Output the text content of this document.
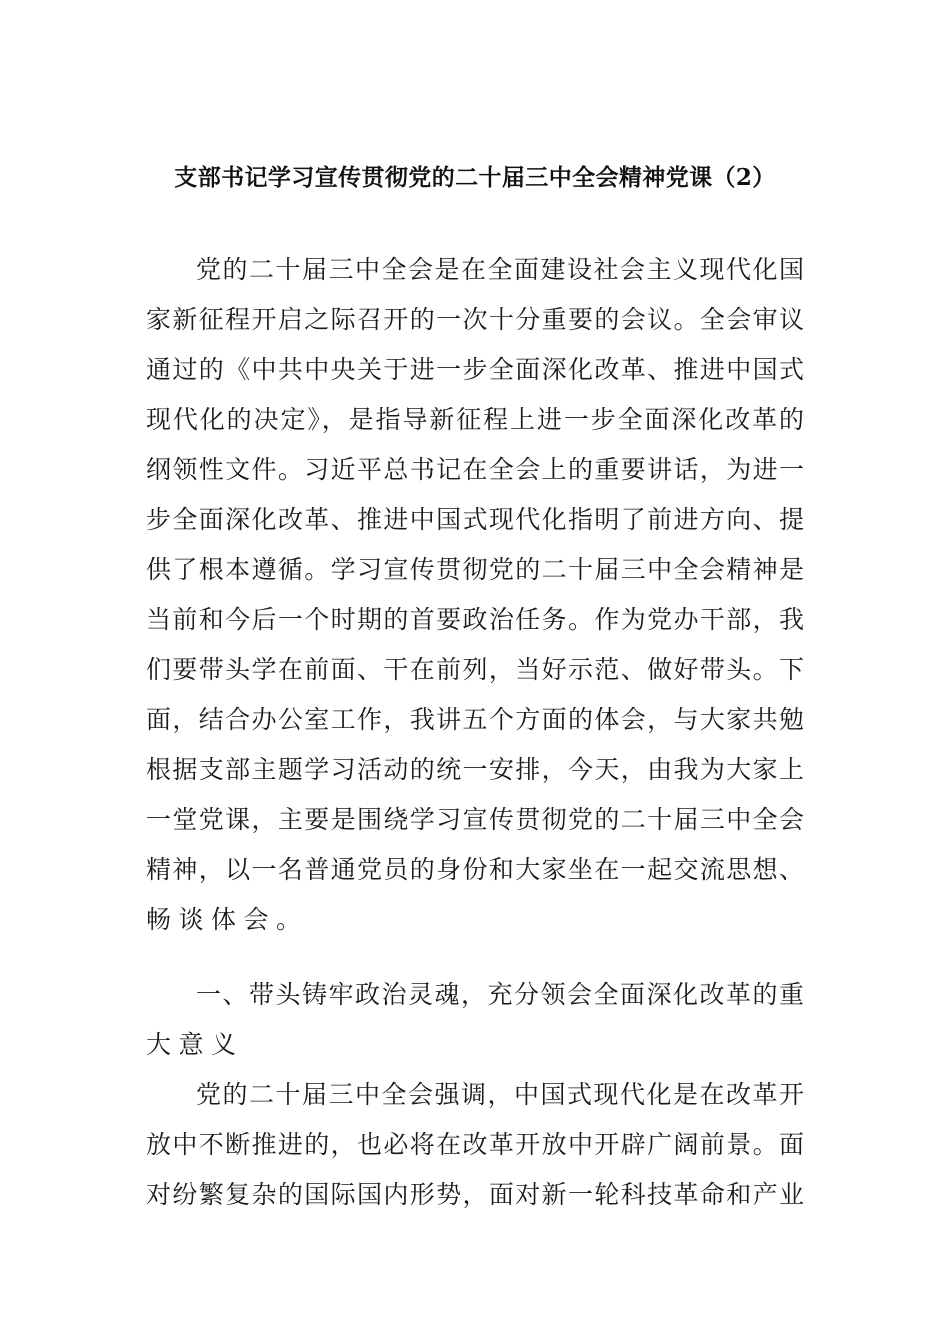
支部书记学习宣传贯彻党的二十届三中全会精神党课（2）
党的二十届三中全会是在全面建设社会主义现代化国
家新征程开启之际召开的一次十分重要的会议。全会审议
通过的《中共中央关于进一步全面深化改革、推进中国式
现代化的决定》，是指导新征程上进一步全面深化改革的
纲领性文件。习近平总书记在全会上的重要讲话，为进一
步全面深化改革、推进中国式现代化指明了前进方向、提
供了根本遵循。学习宣传贯彻党的二十届三中全会精神是
当前和今后一个时期的首要政治任务。作为党办干部，我
们要带头学在前面、干在前列，当好示范、做好带头。下
面，结合办公室工作，我讲五个方面的体会，与大家共勉
根据支部主题学习活动的统一安排，今天，由我为大家上
一堂党课，主要是围绕学习宣传贯彻党的二十届三中全会
精神，以一名普通党员的身份和大家坐在一起交流思想、
畅谈体会。
一、带头铸牢政治灵魂，充分领会全面深化改革的重
大意义
党的二十届三中全会强调，中国式现代化是在改革开
放中不断推进的，也必将在改革开放中开辟广阔前景。面
对纷繁复杂的国际国内形势，面对新一轮科技革命和产业
